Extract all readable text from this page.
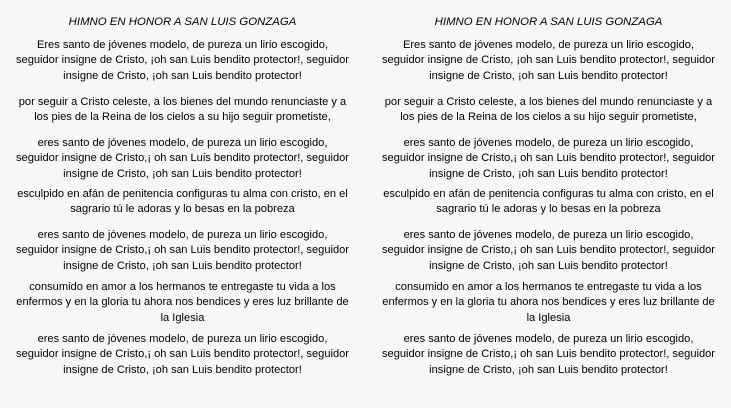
HIMNO EN HONOR A SAN LUIS GONZAGA

Eres santo de jóvenes modelo, de pureza un lirio escogido,
seguidor insigne de Cristo, ¡oh san Luis bendito protector!, seguidor
insigne de Cristo, ¡oh san Luis bendito protector!

por seguir a Cristo celeste, a los bienes del mundo renunciaste y a
los pies de la Reina de los cielos a su hijo seguir prometiste,

eres santo de jóvenes modelo, de pureza un lirio escogido,
seguidor insigne de Cristo,¡ oh san Luis bendito protector!, seguidor
insigne de Cristo, ¡oh san Luis bendito protector!

esculpido en afán de penitencia configuras tu alma con cristo, en el
sagrario tú le adoras y lo besas en la pobreza

eres santo de jóvenes modelo, de pureza un lirio escogido,
seguidor insigne de Cristo,¡ oh san Luis bendito protector!, seguidor
insigne de Cristo, ¡oh san Luis bendito protector!

consumido en amor a los hermanos te entregaste tu vida a los
enfermos y en la gloria tu ahora nos bendices y eres luz brillante de
la Iglesia

eres santo de jóvenes modelo, de pureza un lirio escogido,
seguidor insigne de Cristo,¡ oh san Luis bendito protector!, seguidor
insigne de Cristo, ¡oh san Luis bendito protector!

HIMNO EN HONOR A SAN LUIS GONZAGA

Eres santo de jóvenes modelo, de pureza un lirio escogido,
seguidor insigne de Cristo, ¡oh san Luis bendito protector!, seguidor
insigne de Cristo, ¡oh san Luis bendito protector!

por seguir a Cristo celeste, a los bienes del mundo renunciaste y a
los pies de la Reina de los cielos a su hijo seguir prometiste,

eres santo de jóvenes modelo, de pureza un lirio escogido,
seguidor insigne de Cristo,¡ oh san Luis bendito protector!, seguidor
insigne de Cristo, ¡oh san Luis bendito protector!

esculpido en afán de penitencia configuras tu alma con cristo, en el
sagrario tú le adoras y lo besas en la pobreza

eres santo de jóvenes modelo, de pureza un lirio escogido,
seguidor insigne de Cristo,¡ oh san Luis bendito protector!, seguidor
insigne de Cristo, ¡oh san Luis bendito protector!

consumido en amor a los hermanos te entregaste tu vida a los
enfermos y en la gloria tu ahora nos bendices y eres luz brillante de
la Iglesia

eres santo de jóvenes modelo, de pureza un lirio escogido,
seguidor insigne de Cristo,¡ oh san Luis bendito protector!, seguidor
insigne de Cristo, ¡oh san Luis bendito protector!
